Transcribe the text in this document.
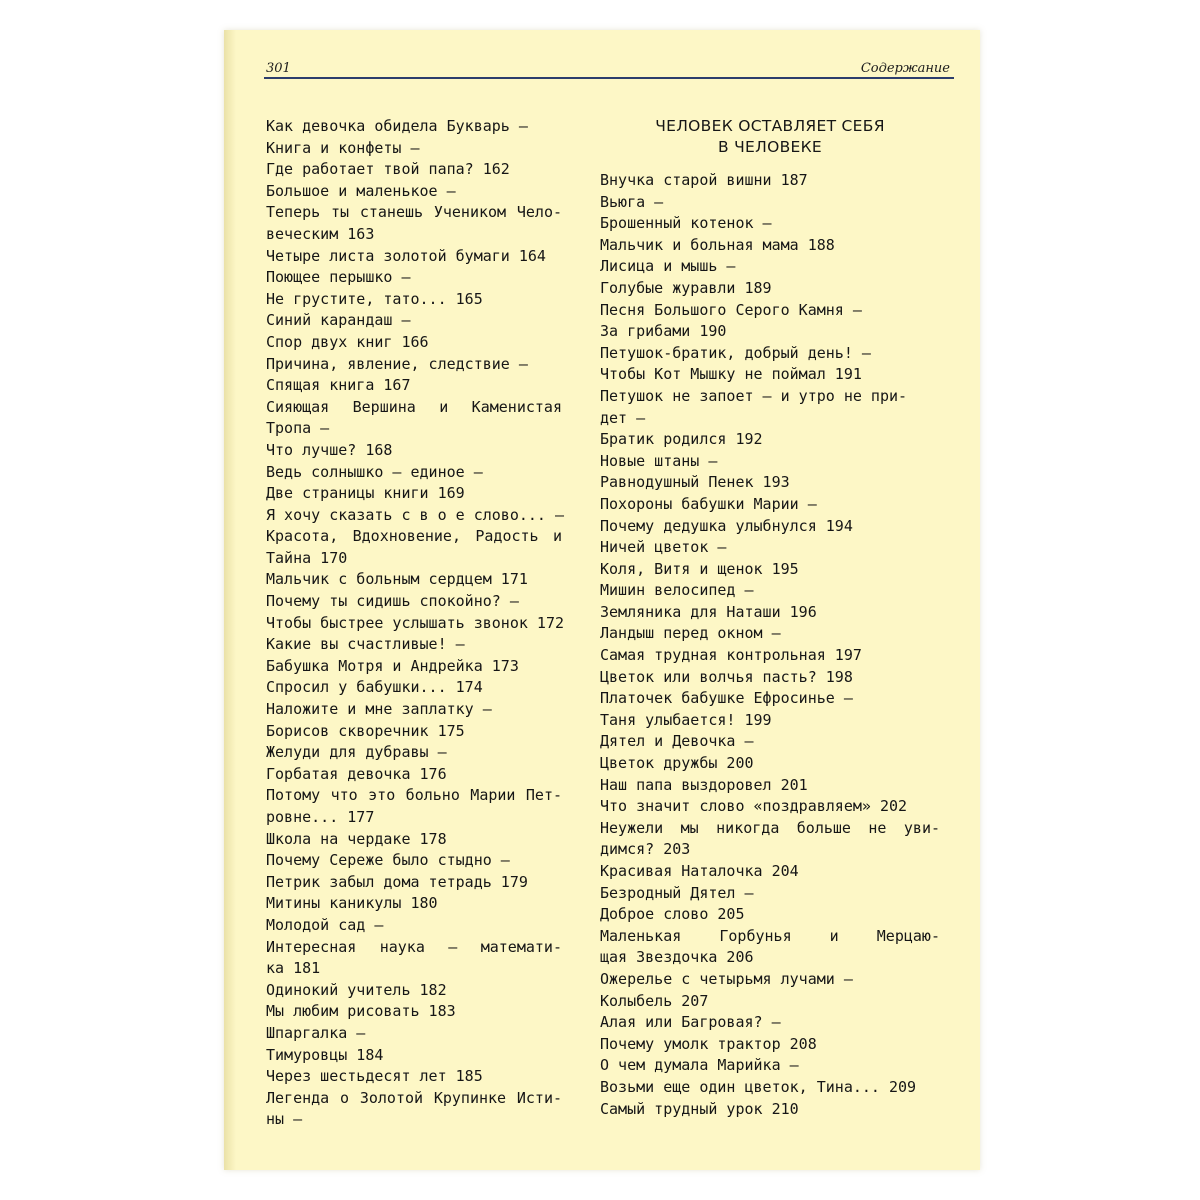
301	Содержание
Как девочка обидела Букварь —
Книга и конфеты —
Где работает твой папа? 162
Большое и маленькое —
Теперь ты станешь Учеником Чело-
веческим 163
Четыре листа золотой бумаги 164
Поющее перышко —
Не грустите, тато... 165
Синий карандаш —
Спор двух книг 166
Причина, явление, следствие —
Спящая книга 167
Сияющая Вершина и Каменистая
Тропа —
Что лучше? 168
Ведь солнышко — единое —
Две страницы книги 169
Я хочу сказать с в о е слово... —
Красота, Вдохновение, Радость и
Тайна 170
Мальчик с больным сердцем 171
Почему ты сидишь спокойно? —
Чтобы быстрее услышать звонок 172
Какие вы счастливые! —
Бабушка Мотря и Андрейка 173
Спросил у бабушки... 174
Наложите и мне заплатку —
Борисов скворечник 175
Желуди для дубравы —
Горбатая девочка 176
Потому что это больно Марии Пет-
ровне... 177
Школа на чердаке 178
Почему Сереже было стыдно —
Петрик забыл дома тетрадь 179
Митины каникулы 180
Молодой сад —
Интересная наука — математи-
ка 181
Одинокий учитель 182
Мы любим рисовать 183
Шпаргалка —
Тимуровцы 184
Через шестьдесят лет 185
Легенда о Золотой Крупинке Исти-
ны —
ЧЕЛОВЕК ОСТАВЛЯЕТ СЕБЯ
В ЧЕЛОВЕКЕ
Внучка старой вишни 187
Вьюга —
Брошенный котенок —
Мальчик и больная мама 188
Лисица и мышь —
Голубые журавли 189
Песня Большого Серого Камня —
За грибами 190
Петушок-братик, добрый день! —
Чтобы Кот Мышку не поймал 191
Петушок не запоет — и утро не при-
дет —
Братик родился 192
Новые штаны —
Равнодушный Пенек 193
Похороны бабушки Марии —
Почему дедушка улыбнулся 194
Ничей цветок —
Коля, Витя и щенок 195
Мишин велосипед —
Земляника для Наташи 196
Ландыш перед окном —
Самая трудная контрольная 197
Цветок или волчья пасть? 198
Платочек бабушке Ефросинье —
Таня улыбается! 199
Дятел и Девочка —
Цветок дружбы 200
Наш папа выздоровел 201
Что значит слово «поздравляем» 202
Неужели мы никогда больше не уви-
димся? 203
Красивая Наталочка 204
Безродный Дятел —
Доброе слово 205
Маленькая Горбунья и Мерцаю-
щая Звездочка 206
Ожерелье с четырьмя лучами —
Колыбель 207
Алая или Багровая? —
Почему умолк трактор 208
О чем думала Марийка —
Возьми еще один цветок, Тина... 209
Самый трудный урок 210
